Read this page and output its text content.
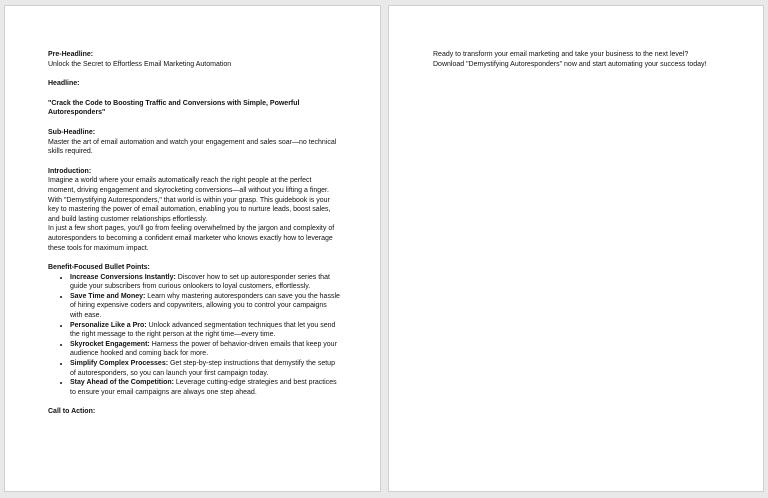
Pre-Headline:

Unlock the Secret to Effortless Email Marketing Automation

Headline:
"Crack the Code to Boosting Traffic and Conversions with Simple, Powerful Autoresponders"
Sub-Headline:

Master the art of email automation and watch your engagement and sales soar—no technical skills required.

Introduction:

Imagine a world where your emails automatically reach the right people at the perfect moment, driving engagement and skyrocketing conversions—all without you lifting a finger. With "Demystifying Autoresponders," that world is within your grasp. This guidebook is your key to mastering the power of email automation, enabling you to nurture leads, boost sales, and build lasting customer relationships effortlessly.

In just a few short pages, you'll go from feeling overwhelmed by the jargon and complexity of autoresponders to becoming a confident email marketer who knows exactly how to leverage these tools for maximum impact.

Benefit-Focused Bullet Points:
• Increase Conversions Instantly: Discover how to set up autoresponder series that guide your subscribers from curious onlookers to loyal customers, effortlessly.
• Save Time and Money: Learn why mastering autoresponders can save you the hassle of hiring expensive coders and copywriters, allowing you to control your campaigns with ease.
• Personalize Like a Pro: Unlock advanced segmentation techniques that let you send the right message to the right person at the right time—every time.
• Skyrocket Engagement: Harness the power of behavior-driven emails that keep your audience hooked and coming back for more.
• Simplify Complex Processes: Get step-by-step instructions that demystify the setup of autoresponders, so you can launch your first campaign today.
• Stay Ahead of the Competition: Leverage cutting-edge strategies and best practices to ensure your email campaigns are always one step ahead.
Call to Action:

Ready to transform your email marketing and take your business to the next level? Download "Demystifying Autoresponders" now and start automating your success today!
